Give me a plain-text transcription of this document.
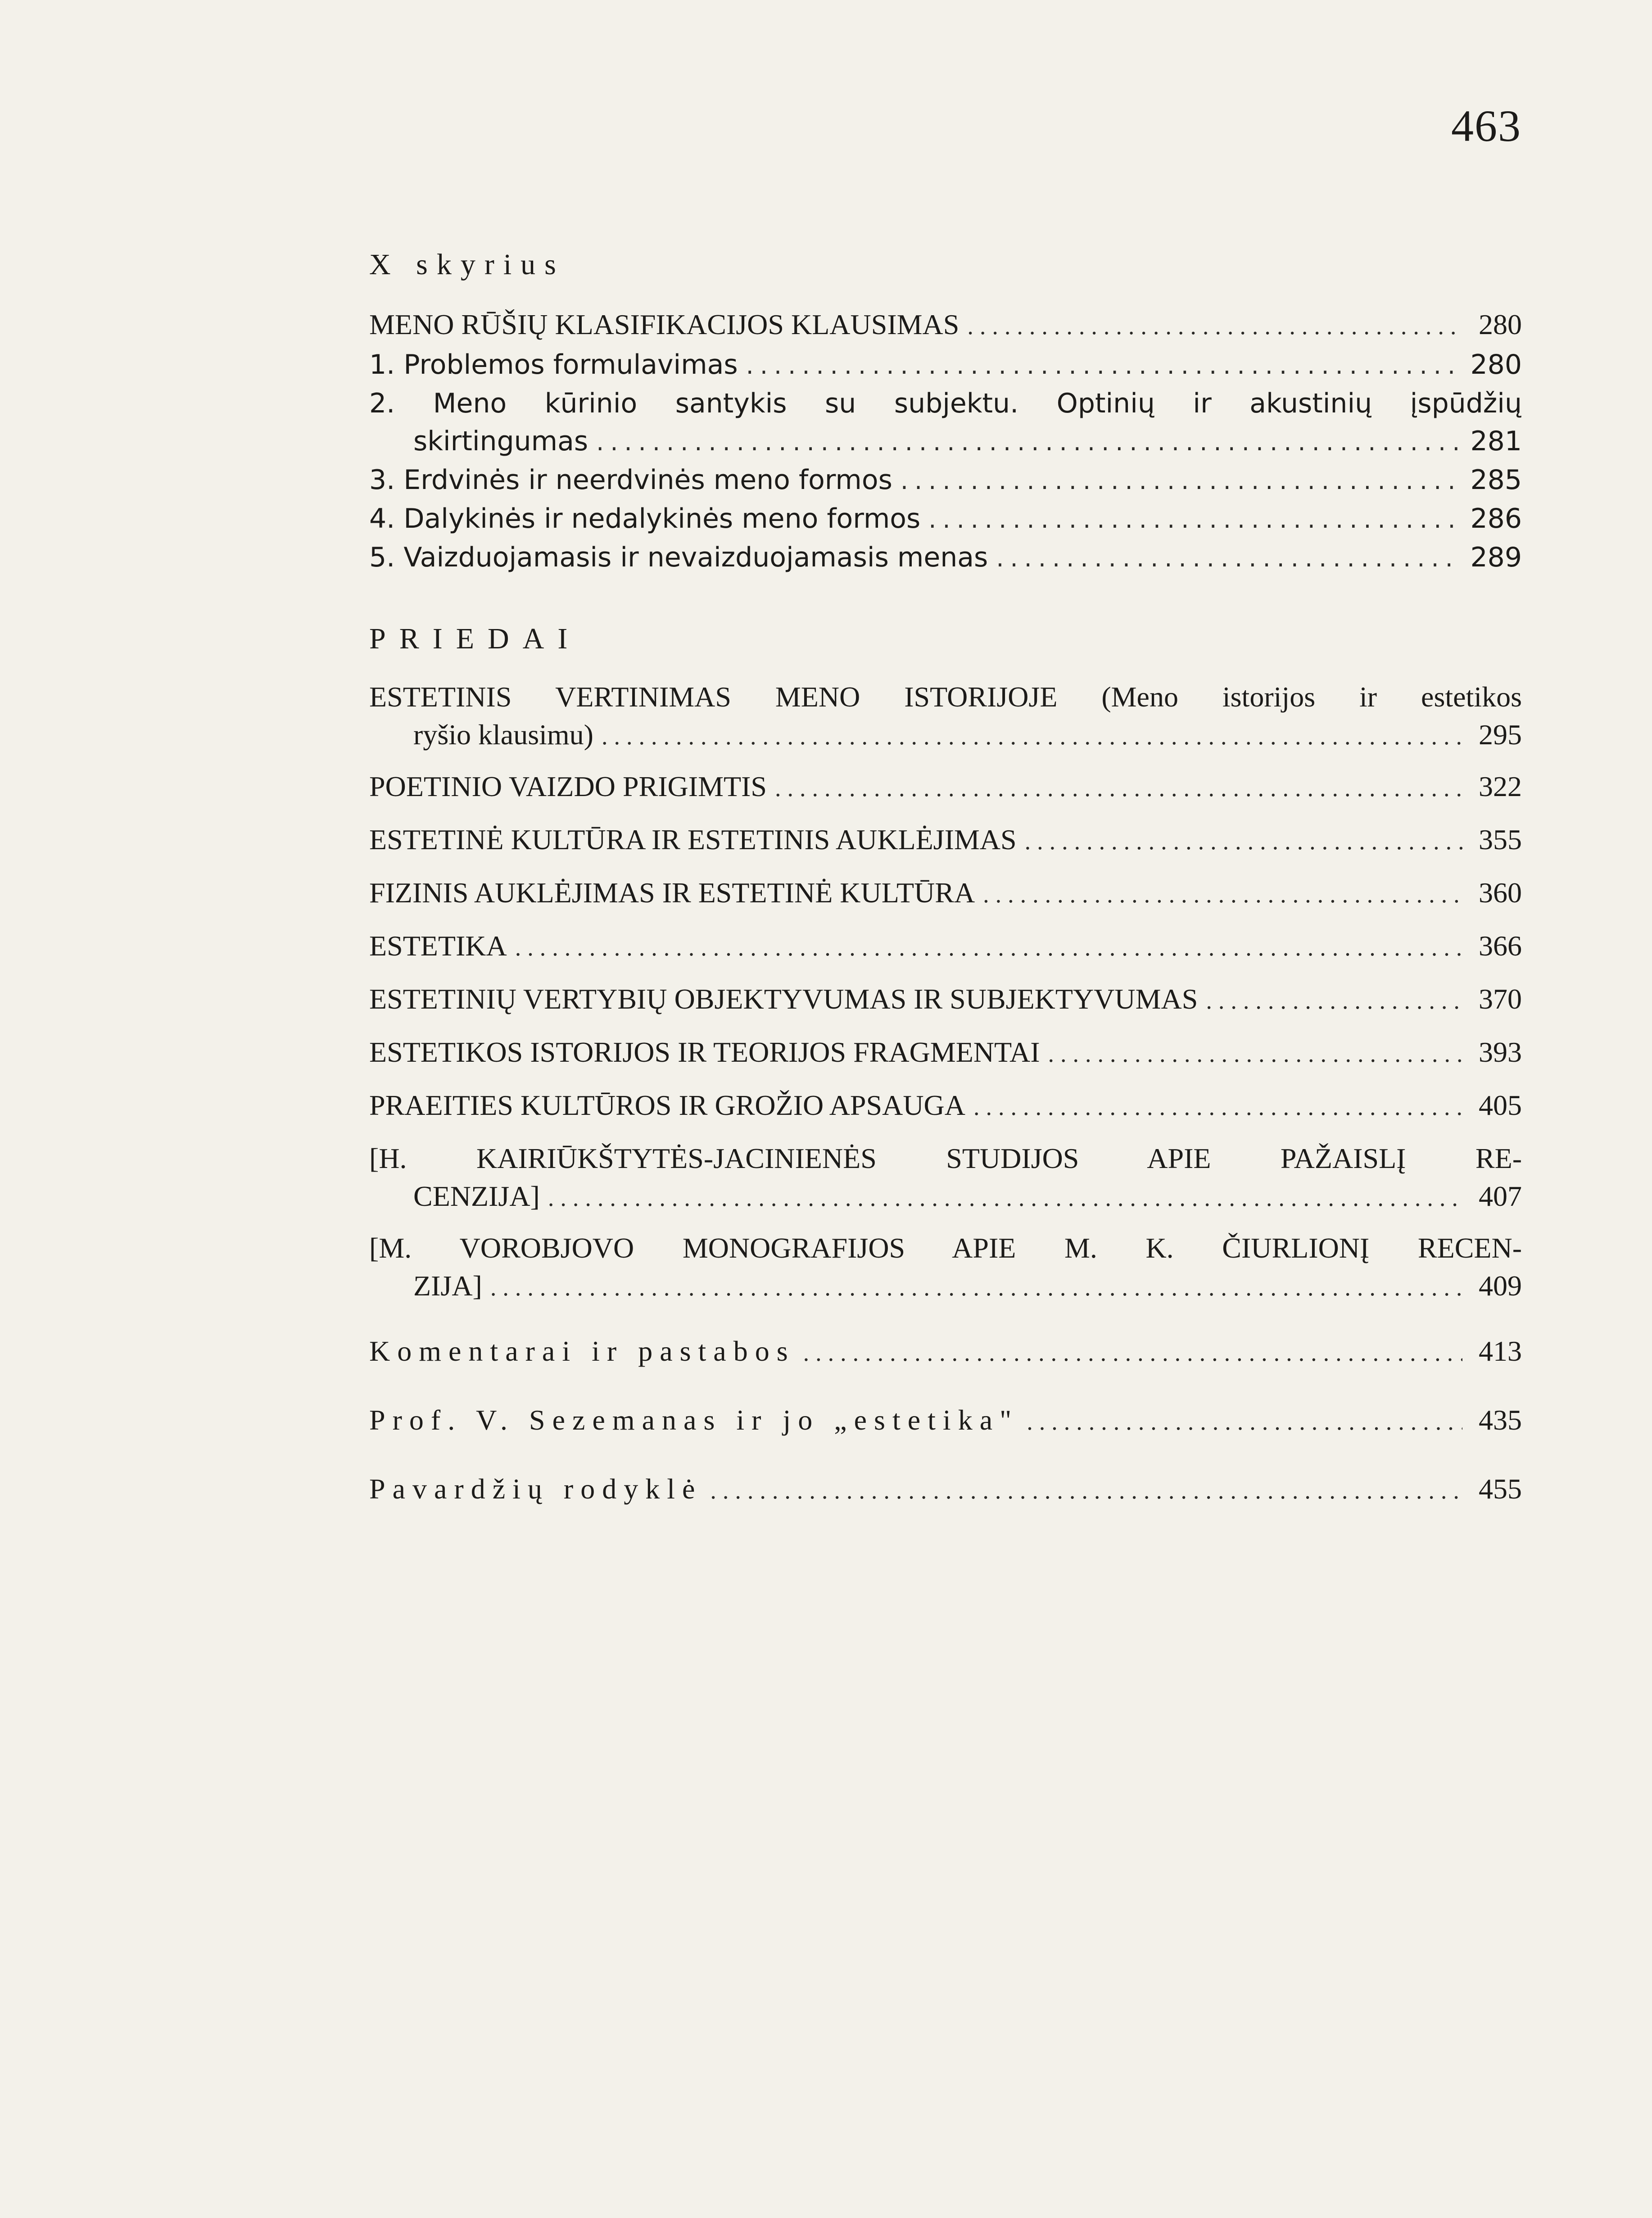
463
X skyrius
MENO RŪŠIŲ KLASIFIKACIJOS KLAUSIMAS .....	280
1. Problemos formulavimas .....	280
2. Meno kūrinio santykis su subjektu. Optinių ir akustinių įspūdžių
skirtingumas .....	281
3. Erdvinės ir neerdvinės meno formos .....	285
4. Dalykinės ir nedalykinės meno formos .....	286
5. Vaizduojamasis ir nevaizduojamasis menas .....	289
PRIEDAI
ESTETINIS VERTINIMAS MENO ISTORIJOJE (Meno istorijos ir estetikos
ryšio klausimu) .....	295
POETINIO VAIZDO PRIGIMTIS .....	322
ESTETINĖ KULTŪRA IR ESTETINIS AUKLĖJIMAS .....	355
FIZINIS AUKLĖJIMAS IR ESTETINĖ KULTŪRA .....	360
ESTETIKA .....	366
ESTETINIŲ VERTYBIŲ OBJEKTYVUMAS IR SUBJEKTYVUMAS .....	370
ESTETIKOS ISTORIJOS IR TEORIJOS FRAGMENTAI .....	393
PRAEITIES KULTŪROS IR GROŽIO APSAUGA .....	405
[H. KAIRIŪKŠTYTĖS-JACINIENĖS STUDIJOS APIE PAŽAISLĮ RE-
CENZIJA] .....	407
[M. VOROBJOVO MONOGRAFIJOS APIE M. K. ČIURLIONĮ RECEN-
ZIJA] .....	409
Komentarai ir pastabos .....	413
Prof. V. Sezemanas ir jo „estetika" .....	435
Pavardžių rodyklė .....	455
